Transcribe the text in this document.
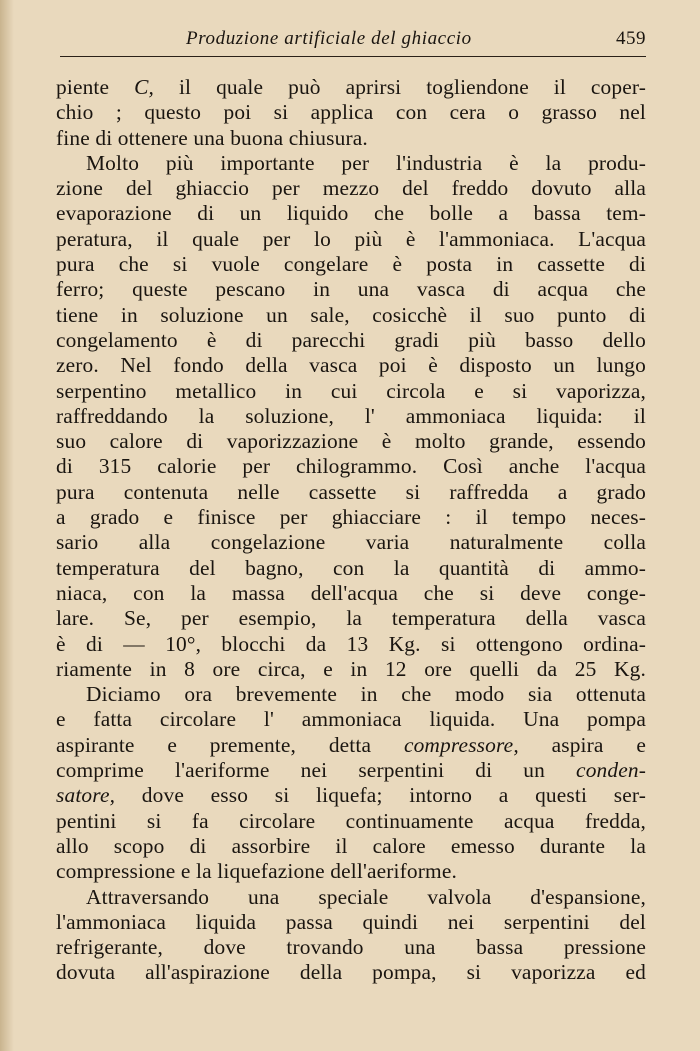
Produzione artificiale del ghiaccio	459
piente C, il quale può aprirsi togliendone il coper-
chio ; questo poi si applica con cera o grasso nel
fine di ottenere una buona chiusura.
Molto più importante per l'industria è la produ-
zione del ghiaccio per mezzo del freddo dovuto alla
evaporazione di un liquido che bolle a bassa tem-
peratura, il quale per lo più è l'ammoniaca. L'acqua
pura che si vuole congelare è posta in cassette di
ferro; queste pescano in una vasca di acqua che
tiene in soluzione un sale, cosicchè il suo punto di
congelamento è di parecchi gradi più basso dello
zero. Nel fondo della vasca poi è disposto un lungo
serpentino metallico in cui circola e si vaporizza,
raffreddando la soluzione, l' ammoniaca liquida: il
suo calore di vaporizzazione è molto grande, essendo
di 315 calorie per chilogrammo. Così anche l'acqua
pura contenuta nelle cassette si raffredda a grado
a grado e finisce per ghiacciare : il tempo neces-
sario alla congelazione varia naturalmente colla
temperatura del bagno, con la quantità di ammo-
niaca, con la massa dell'acqua che si deve conge-
lare. Se, per esempio, la temperatura della vasca
è di — 10°, blocchi da 13 Kg. si ottengono ordina-
riamente in 8 ore circa, e in 12 ore quelli da 25 Kg.
Diciamo ora brevemente in che modo sia ottenuta
e fatta circolare l' ammoniaca liquida. Una pompa
aspirante e premente, detta compressore, aspira e
comprime l'aeriforme nei serpentini di un conden-
satore, dove esso si liquefa; intorno a questi ser-
pentini si fa circolare continuamente acqua fredda,
allo scopo di assorbire il calore emesso durante la
compressione e la liquefazione dell'aeriforme.
Attraversando una speciale valvola d'espansione,
l'ammoniaca liquida passa quindi nei serpentini del
refrigerante, dove trovando una bassa pressione
dovuta all'aspirazione della pompa, si vaporizza ed
